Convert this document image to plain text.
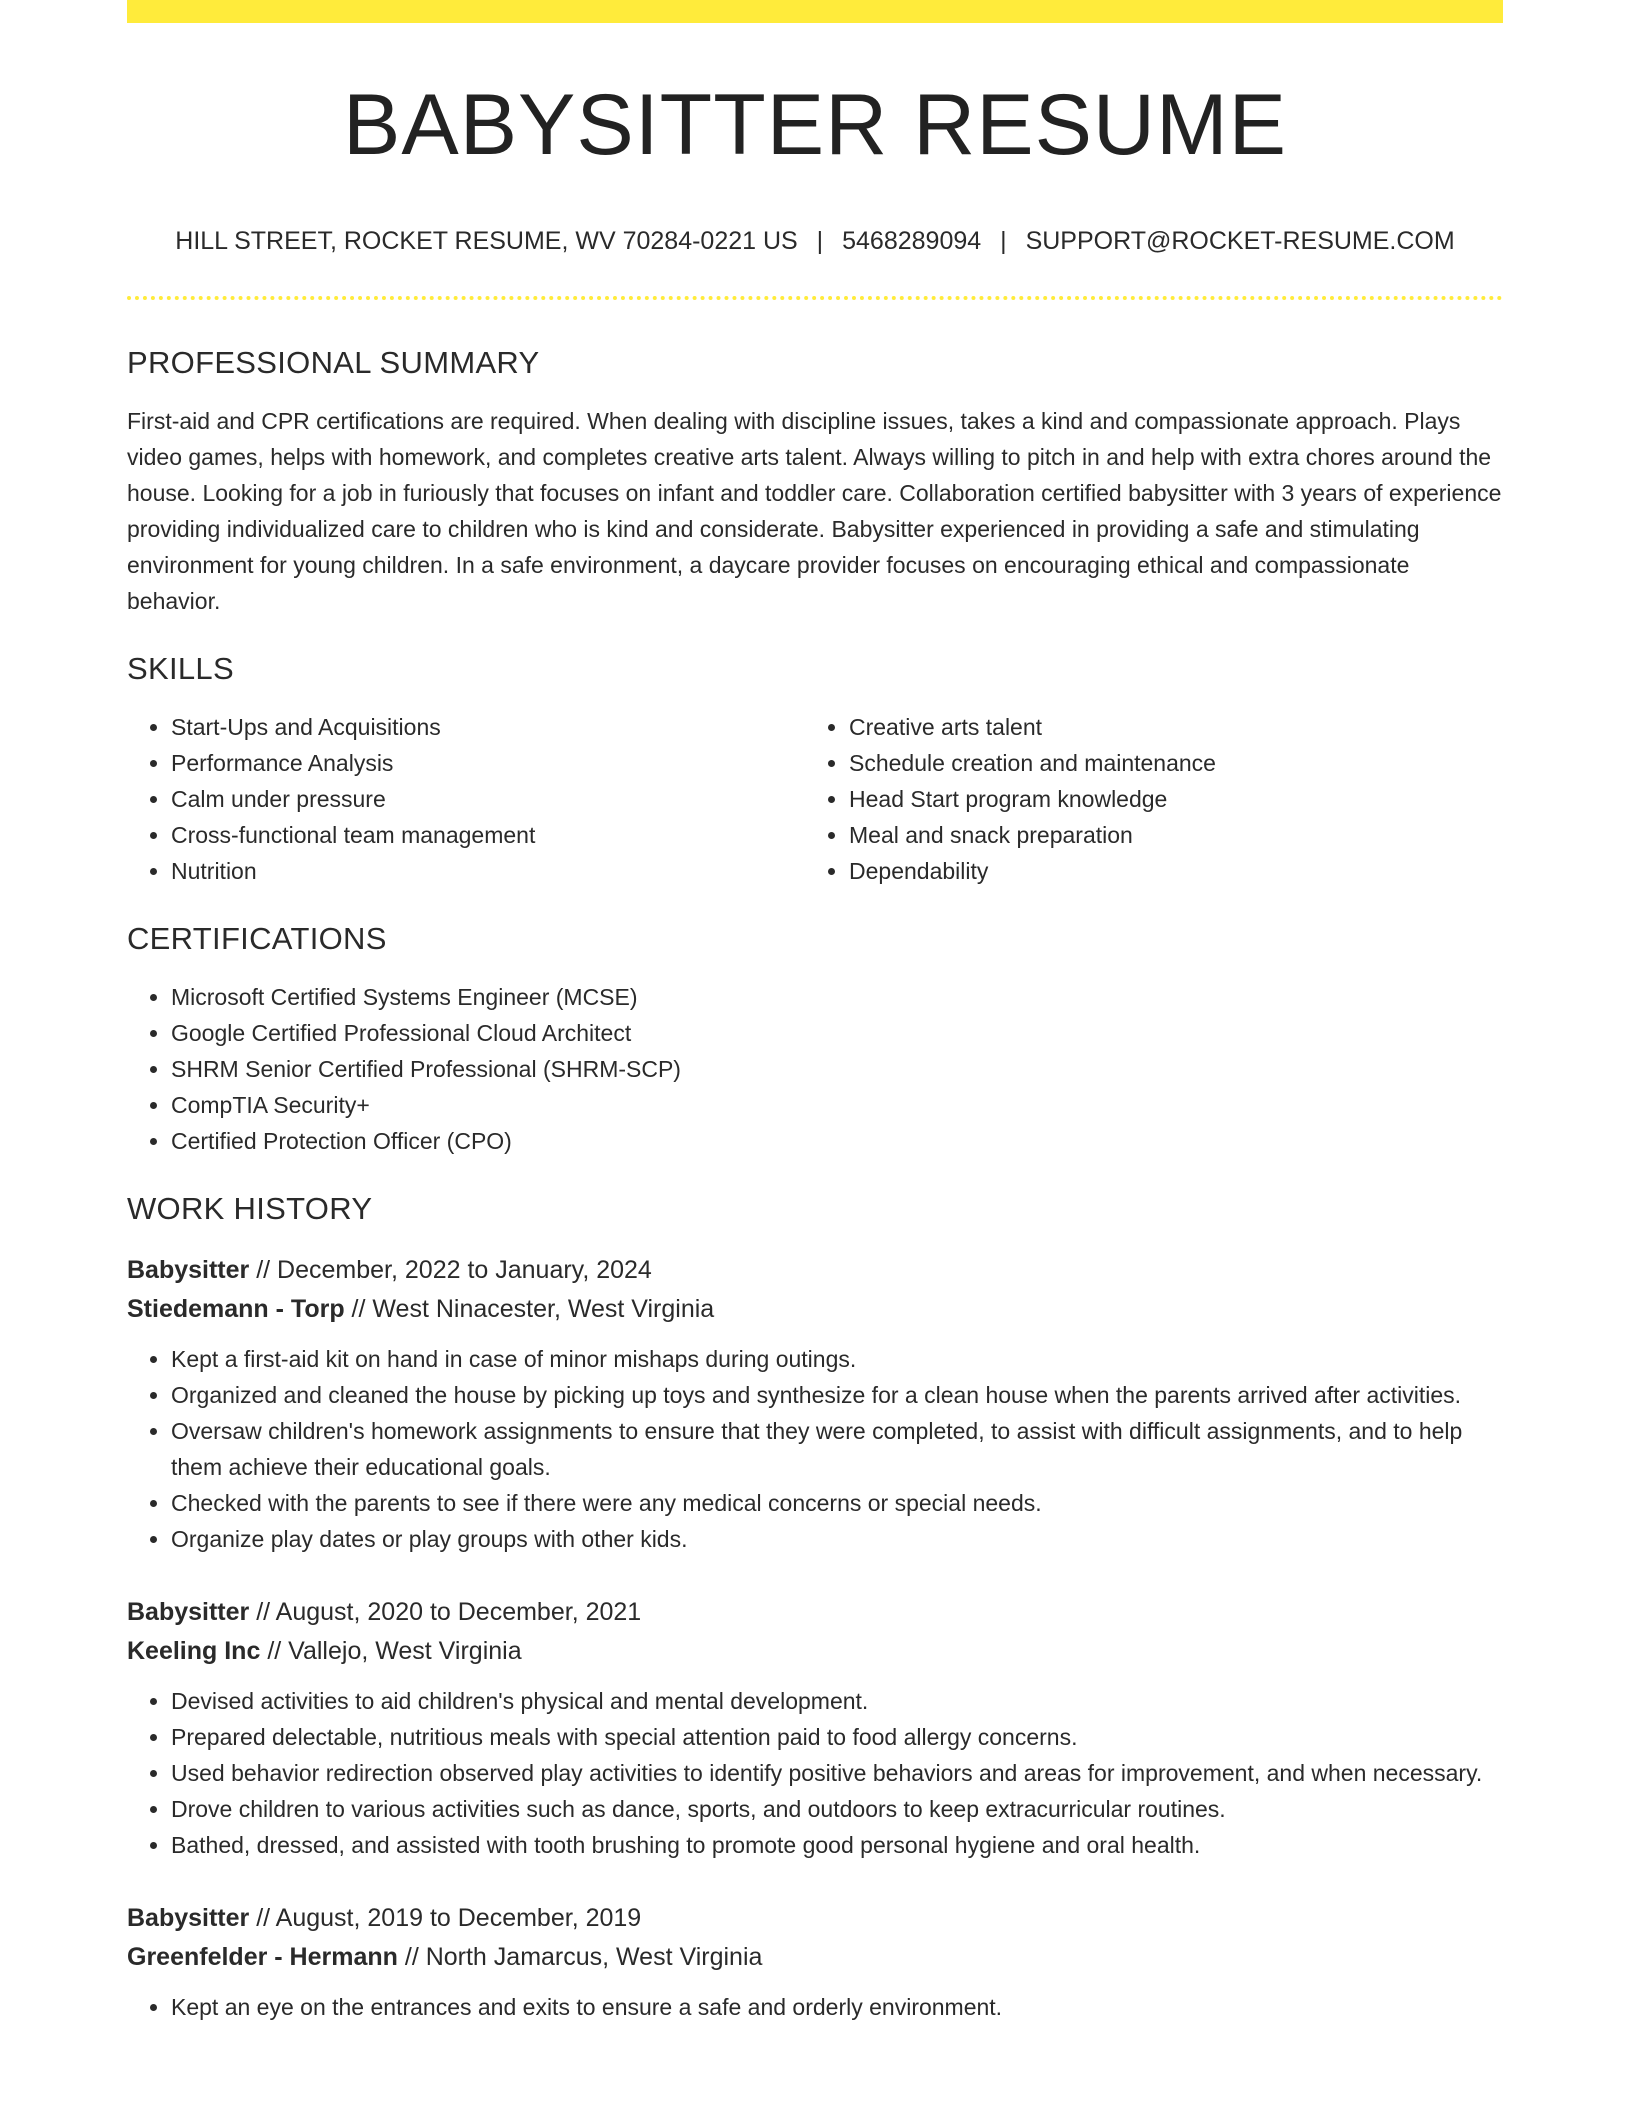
BABYSITTER RESUME
HILL STREET, ROCKET RESUME, WV 70284-0221 US | 5468289094 | SUPPORT@ROCKET-RESUME.COM
PROFESSIONAL SUMMARY
First-aid and CPR certifications are required. When dealing with discipline issues, takes a kind and compassionate approach. Plays video games, helps with homework, and completes creative arts talent. Always willing to pitch in and help with extra chores around the house. Looking for a job in furiously that focuses on infant and toddler care. Collaboration certified babysitter with 3 years of experience providing individualized care to children who is kind and considerate. Babysitter experienced in providing a safe and stimulating environment for young children. In a safe environment, a daycare provider focuses on encouraging ethical and compassionate behavior.
SKILLS
• Start-Ups and Acquisitions
• Performance Analysis
• Calm under pressure
• Cross-functional team management
• Nutrition
• Creative arts talent
• Schedule creation and maintenance
• Head Start program knowledge
• Meal and snack preparation
• Dependability
CERTIFICATIONS
• Microsoft Certified Systems Engineer (MCSE)
• Google Certified Professional Cloud Architect
• SHRM Senior Certified Professional (SHRM-SCP)
• CompTIA Security+
• Certified Protection Officer (CPO)
WORK HISTORY
Babysitter // December, 2022 to January, 2024
Stiedemann - Torp // West Ninacester, West Virginia
• Kept a first-aid kit on hand in case of minor mishaps during outings.
• Organized and cleaned the house by picking up toys and synthesize for a clean house when the parents arrived after activities.
• Oversaw children's homework assignments to ensure that they were completed, to assist with difficult assignments, and to help them achieve their educational goals.
• Checked with the parents to see if there were any medical concerns or special needs.
• Organize play dates or play groups with other kids.
Babysitter // August, 2020 to December, 2021
Keeling Inc // Vallejo, West Virginia
• Devised activities to aid children's physical and mental development.
• Prepared delectable, nutritious meals with special attention paid to food allergy concerns.
• Used behavior redirection observed play activities to identify positive behaviors and areas for improvement, and when necessary.
• Drove children to various activities such as dance, sports, and outdoors to keep extracurricular routines.
• Bathed, dressed, and assisted with tooth brushing to promote good personal hygiene and oral health.
Babysitter // August, 2019 to December, 2019
Greenfelder - Hermann // North Jamarcus, West Virginia
• Kept an eye on the entrances and exits to ensure a safe and orderly environment.
